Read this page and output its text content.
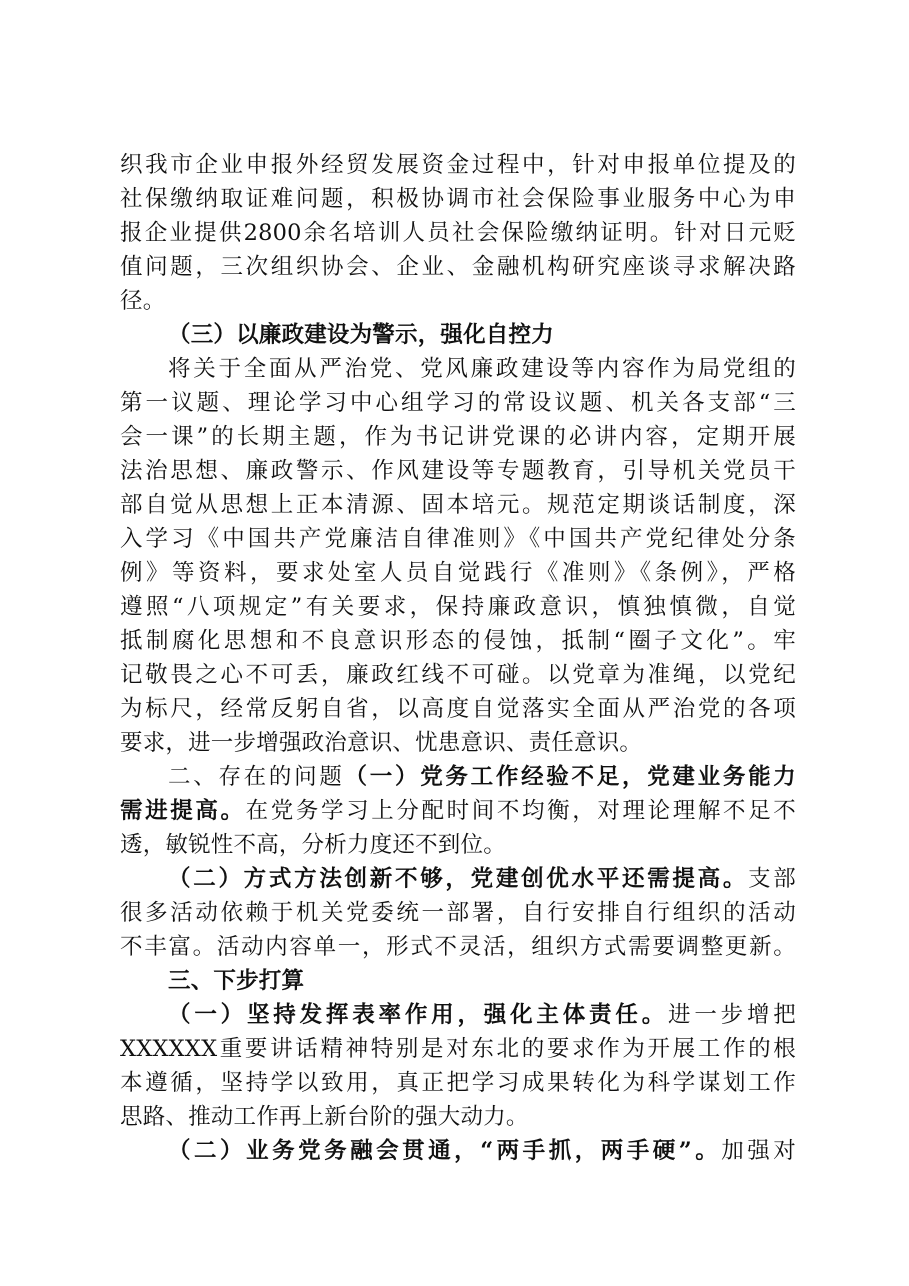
织我市企业申报外经贸发展资金过程中，针对申报单位提及的
社保缴纳取证难问题，积极协调市社会保险事业服务中心为申
报企业提供2800余名培训人员社会保险缴纳证明。针对日元贬
值问题，三次组织协会、企业、金融机构研究座谈寻求解决路
径。
（三）以廉政建设为警示，强化自控力
将关于全面从严治党、党风廉政建设等内容作为局党组的
第一议题、理论学习中心组学习的常设议题、机关各支部“三
会一课”的长期主题，作为书记讲党课的必讲内容，定期开展
法治思想、廉政警示、作风建设等专题教育，引导机关党员干
部自觉从思想上正本清源、固本培元。规范定期谈话制度，深
入学习《中国共产党廉洁自律准则》《中国共产党纪律处分条
例》等资料，要求处室人员自觉践行《准则》《条例》，严格
遵照“八项规定”有关要求，保持廉政意识，慎独慎微，自觉
抵制腐化思想和不良意识形态的侵蚀，抵制“圈子文化”。牢
记敬畏之心不可丢，廉政红线不可碰。以党章为准绳，以党纪
为标尺，经常反躬自省，以高度自觉落实全面从严治党的各项
要求，进一步增强政治意识、忧患意识、责任意识。
二、存在的问题（一）党务工作经验不足，党建业务能力
需进提高。在党务学习上分配时间不均衡，对理论理解不足不
透，敏锐性不高，分析力度还不到位。
（二）方式方法创新不够，党建创优水平还需提高。支部
很多活动依赖于机关党委统一部署，自行安排自行组织的活动
不丰富。活动内容单一，形式不灵活，组织方式需要调整更新。
三、下步打算
（一）坚持发挥表率作用，强化主体责任。进一步增把
XXXXXX重要讲话精神特别是对东北的要求作为开展工作的根
本遵循，坚持学以致用，真正把学习成果转化为科学谋划工作
思路、推动工作再上新台阶的强大动力。
（二）业务党务融会贯通，“两手抓，两手硬”。加强对
